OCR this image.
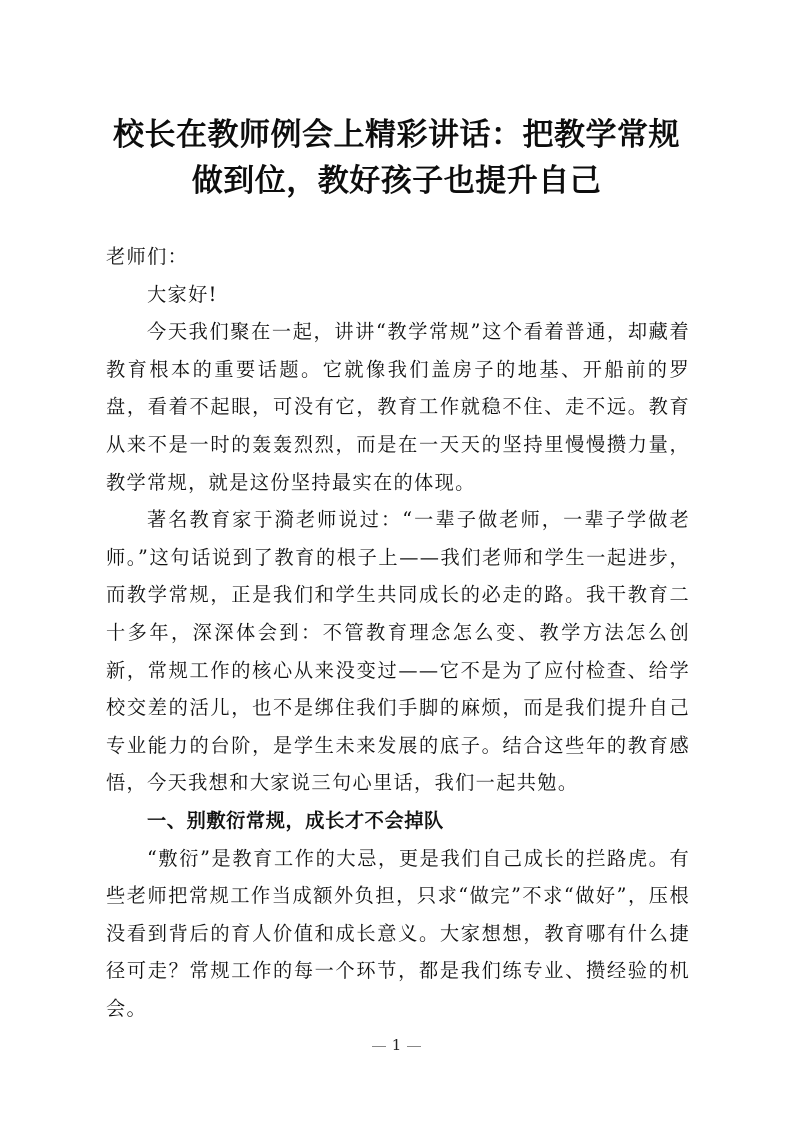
校长在教师例会上精彩讲话：把教学常规
做到位，教好孩子也提升自己

老师们：

大家好!

今天我们聚在一起，讲讲“教学常规”这个看着普通，却藏着教育根本的重要话题。它就像我们盖房子的地基、开船前的罗盘，看着不起眼，可没有它，教育工作就稳不住、走不远。教育从来不是一时的轰轰烈烈，而是在一天天的坚持里慢慢攒力量，教学常规，就是这份坚持最实在的体现。

著名教育家于漪老师说过：“一辈子做老师，一辈子学做老师。”这句话说到了教育的根子上——我们老师和学生一起进步，而教学常规，正是我们和学生共同成长的必走的路。我干教育二十多年，深深体会到：不管教育理念怎么变、教学方法怎么创新，常规工作的核心从来没变过——它不是为了应付检查、给学校交差的活儿，也不是绑住我们手脚的麻烦，而是我们提升自己专业能力的台阶，是学生未来发展的底子。结合这些年的教育感悟，今天我想和大家说三句心里话，我们一起共勉。

一、别敷衍常规，成长才不会掉队

“敷衍”是教育工作的大忌，更是我们自己成长的拦路虎。有些老师把常规工作当成额外负担，只求“做完”不求“做好”，压根没看到背后的育人价值和成长意义。大家想想，教育哪有什么捷径可走？常规工作的每一个环节，都是我们练专业、攒经验的机会。

1
